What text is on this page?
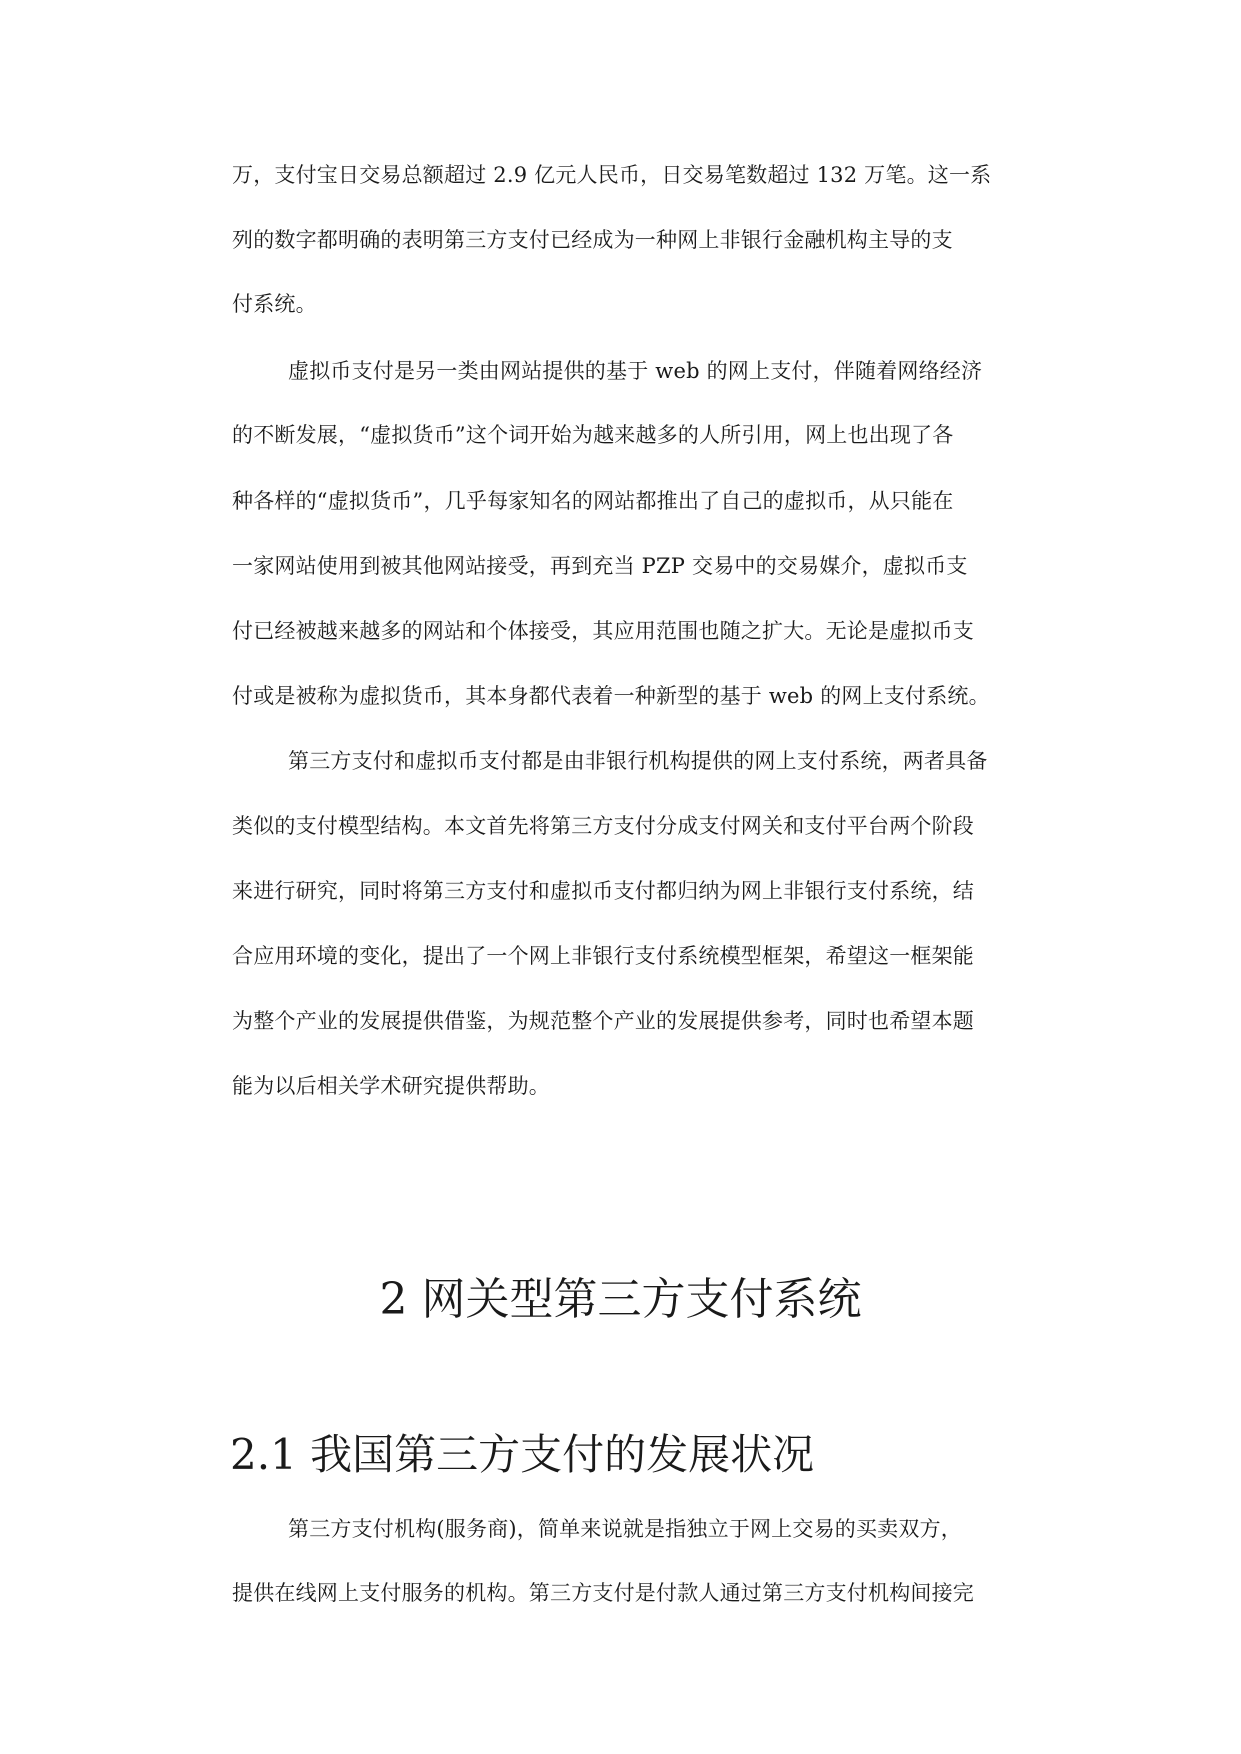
万，支付宝日交易总额超过 2.9 亿元人民币，日交易笔数超过 132 万笔。这一系
列的数字都明确的表明第三方支付已经成为一种网上非银行金融机构主导的支
付系统。
虚拟币支付是另一类由网站提供的基于 web 的网上支付，伴随着网络经济
的不断发展，“虚拟货币”这个词开始为越来越多的人所引用，网上也出现了各
种各样的“虚拟货币”，几乎每家知名的网站都推出了自己的虚拟币，从只能在
一家网站使用到被其他网站接受，再到充当 PZP 交易中的交易媒介，虚拟币支
付已经被越来越多的网站和个体接受，其应用范围也随之扩大。无论是虚拟币支
付或是被称为虚拟货币，其本身都代表着一种新型的基于 web 的网上支付系统。
第三方支付和虚拟币支付都是由非银行机构提供的网上支付系统，两者具备
类似的支付模型结构。本文首先将第三方支付分成支付网关和支付平台两个阶段
来进行研究，同时将第三方支付和虚拟币支付都归纳为网上非银行支付系统，结
合应用环境的变化，提出了一个网上非银行支付系统模型框架，希望这一框架能
为整个产业的发展提供借鉴，为规范整个产业的发展提供参考，同时也希望本题
能为以后相关学术研究提供帮助。
2 网关型第三方支付系统
2.1 我国第三方支付的发展状况
第三方支付机构(服务商)，简单来说就是指独立于网上交易的买卖双方，
提供在线网上支付服务的机构。第三方支付是付款人通过第三方支付机构间接完
